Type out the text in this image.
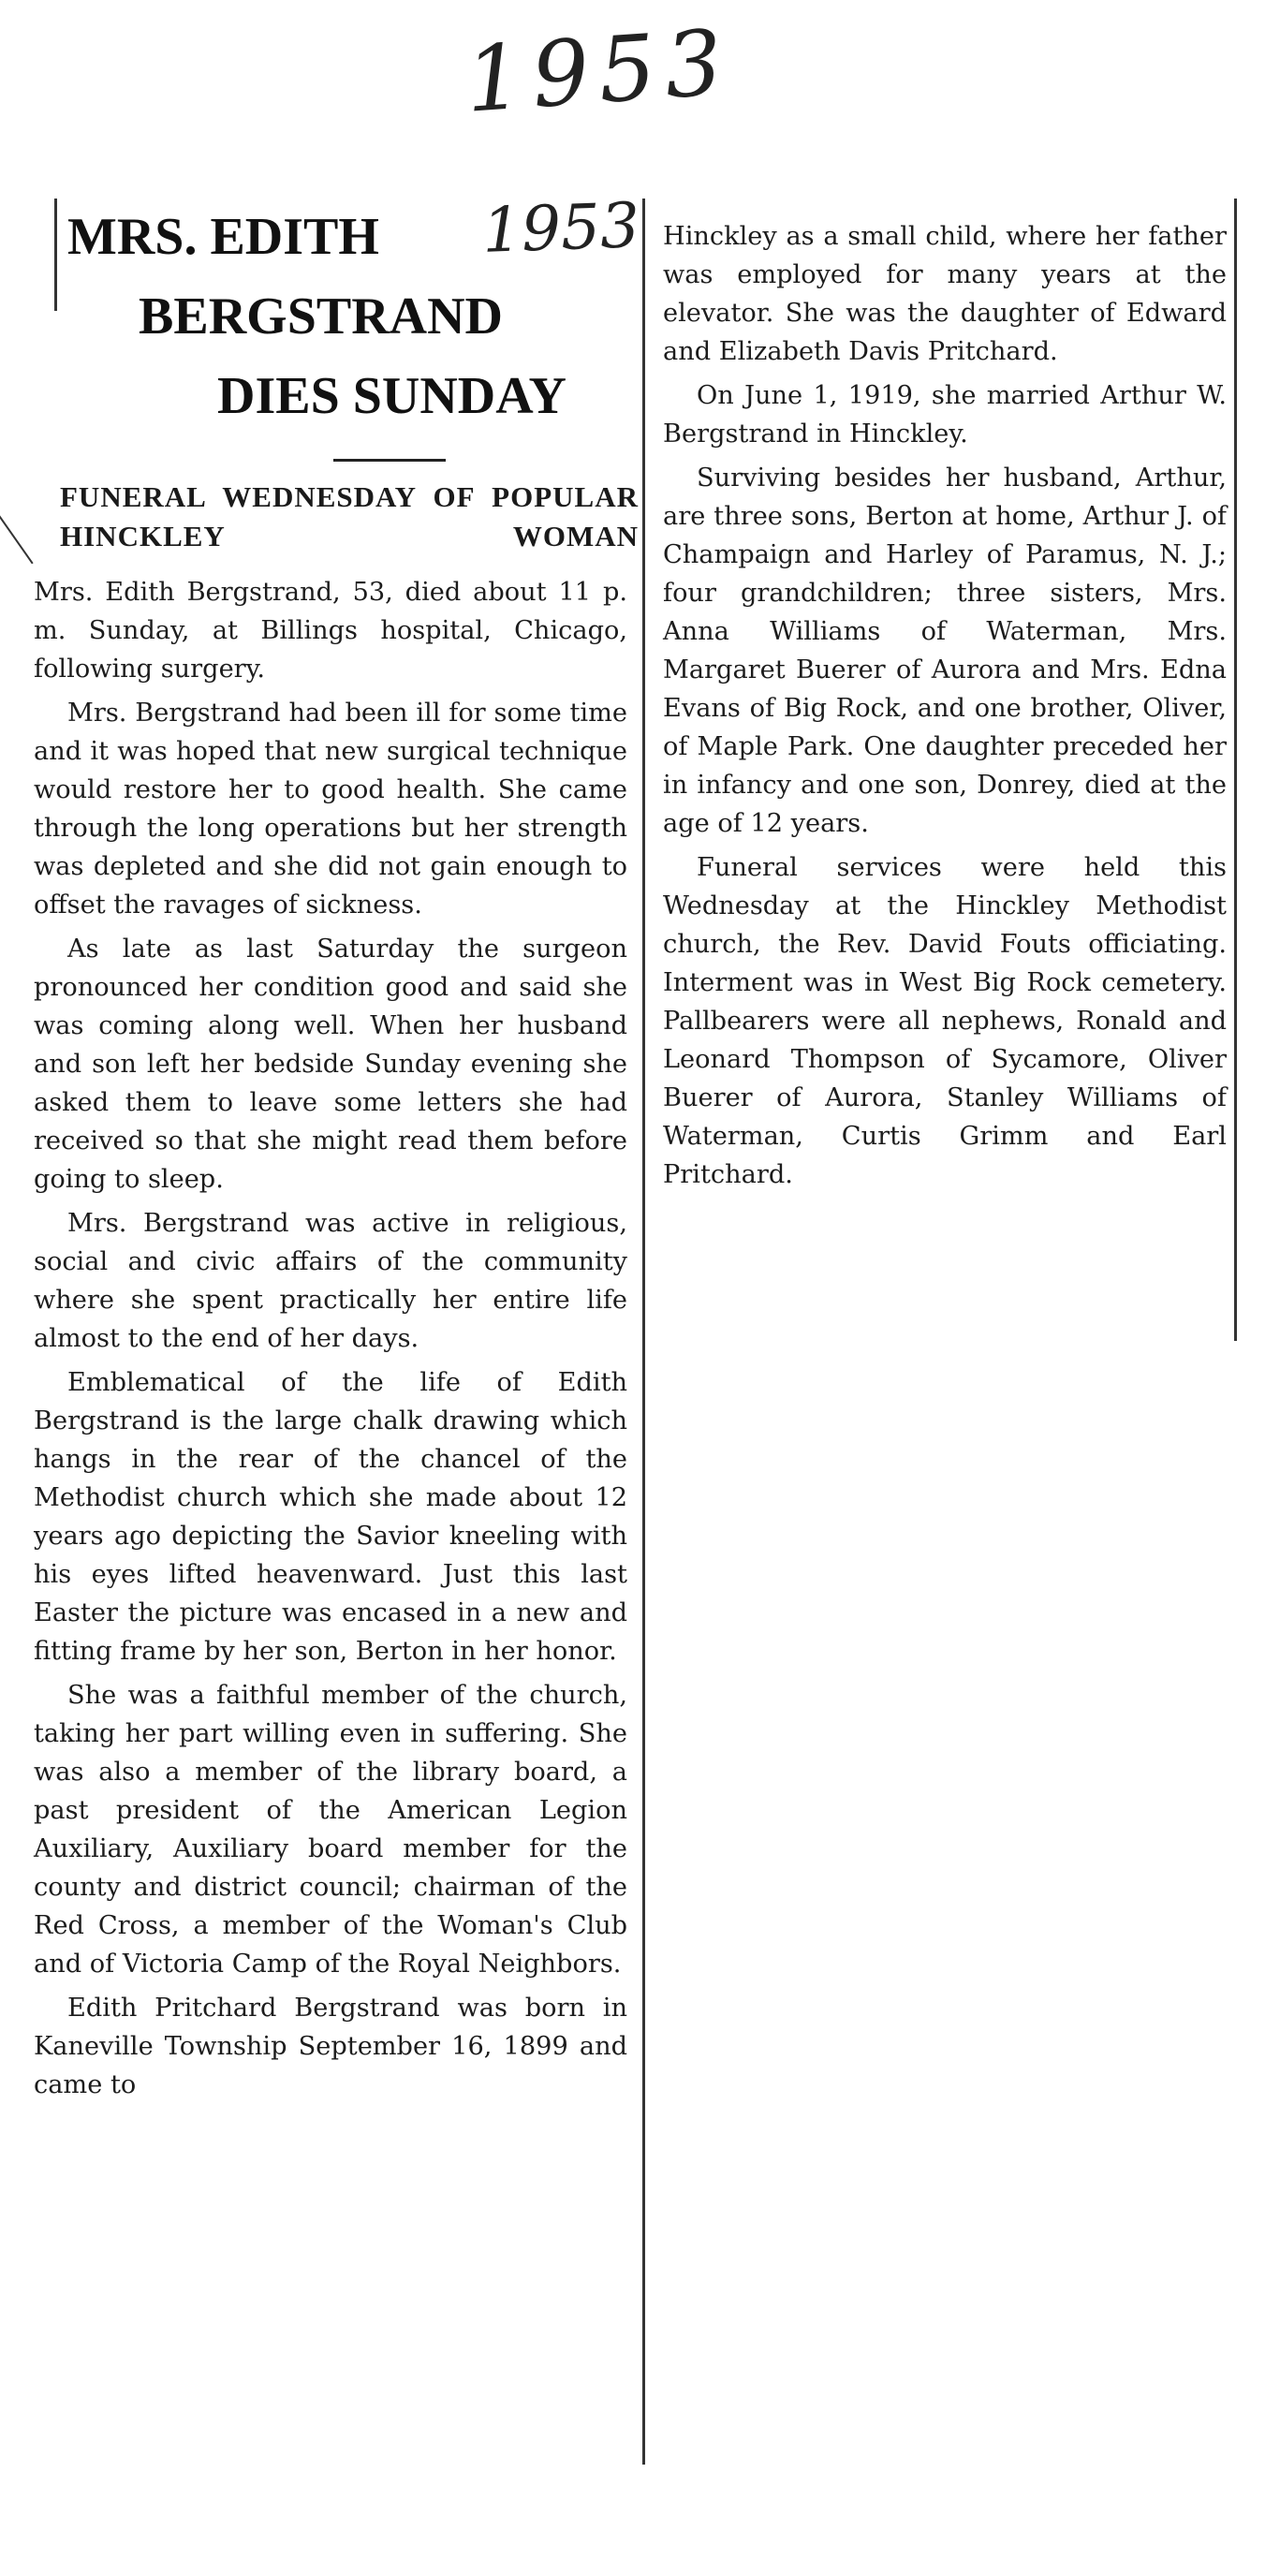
1953
MRS. EDITH 1953
BERGSTRAND
DIES SUNDAY
FUNERAL WEDNESDAY OF POPULAR HINCKLEY WOMAN

Mrs. Edith Bergstrand, 53, died about 11 p. m. Sunday, at Billings hospital, Chicago, following surgery.

Mrs. Bergstrand had been ill for some time and it was hoped that new surgical technique would restore her to good health. She came through the long operations but her strength was depleted and she did not gain enough to offset the ravages of sickness.

As late as last Saturday the surgeon pronounced her condition good and said she was coming along well. When her husband and son left her bedside Sunday evening she asked them to leave some letters she had received so that she might read them before going to sleep.

Mrs. Bergstrand was active in religious, social and civic affairs of the community where she spent practically her entire life almost to the end of her days.

Emblematical of the life of Edith Bergstrand is the large chalk drawing which hangs in the rear of the chancel of the Methodist church which she made about 12 years ago depicting the Savior kneeling with his eyes lifted heavenward. Just this last Easter the picture was encased in a new and fitting frame by her son, Berton in her honor.

She was a faithful member of the church, taking her part willing even in suffering. She was also a member of the library board, a past president of the American Legion Auxiliary, Auxiliary board member for the county and district council; chairman of the Red Cross, a member of the Woman's Club and of Victoria Camp of the Royal Neighbors.

Edith Pritchard Bergstrand was born in Kaneville Township September 16, 1899 and came to

Hinckley as a small child, where her father was employed for many years at the elevator. She was the daughter of Edward and Elizabeth Davis Pritchard.

On June 1, 1919, she married Arthur W. Bergstrand in Hinckley.

Surviving besides her husband, Arthur, are three sons, Berton at home, Arthur J. of Champaign and Harley of Paramus, N. J.; four grandchildren; three sisters, Mrs. Anna Williams of Waterman, Mrs. Margaret Buerer of Aurora and Mrs. Edna Evans of Big Rock, and one brother, Oliver, of Maple Park. One daughter preceded her in infancy and one son, Donrey, died at the age of 12 years.

Funeral services were held this Wednesday at the Hinckley Methodist church, the Rev. David Fouts officiating. Interment was in West Big Rock cemetery. Pallbearers were all nephews, Ronald and Leonard Thompson of Sycamore, Oliver Buerer of Aurora, Stanley Williams of Waterman, Curtis Grimm and Earl Pritchard.
